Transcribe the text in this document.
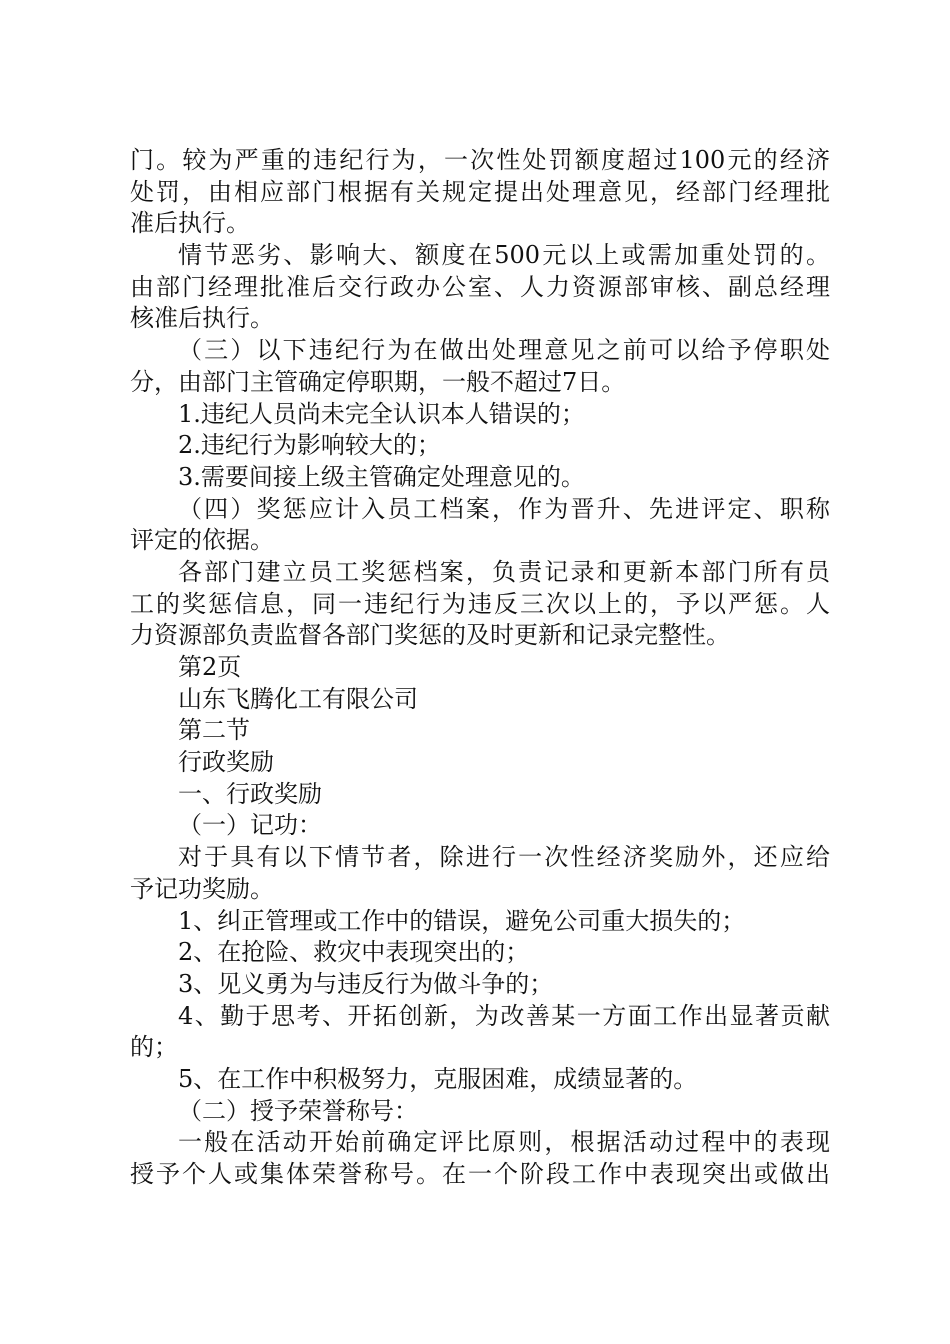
门。较为严重的违纪行为，一次性处罚额度超过100元的经济
处罚，由相应部门根据有关规定提出处理意见，经部门经理批
准后执行。
情节恶劣、影响大、额度在500元以上或需加重处罚的。
由部门经理批准后交行政办公室、人力资源部审核、副总经理
核准后执行。
（三）以下违纪行为在做出处理意见之前可以给予停职处
分，由部门主管确定停职期，一般不超过7日。
1.违纪人员尚未完全认识本人错误的；
2.违纪行为影响较大的；
3.需要间接上级主管确定处理意见的。
（四）奖惩应计入员工档案，作为晋升、先进评定、职称
评定的依据。
各部门建立员工奖惩档案，负责记录和更新本部门所有员
工的奖惩信息，同一违纪行为违反三次以上的，予以严惩。人
力资源部负责监督各部门奖惩的及时更新和记录完整性。
第2页
山东飞腾化工有限公司
第二节
行政奖励
一、行政奖励
（一）记功：
对于具有以下情节者，除进行一次性经济奖励外，还应给
予记功奖励。
1、纠正管理或工作中的错误，避免公司重大损失的；
2、在抢险、救灾中表现突出的；
3、见义勇为与违反行为做斗争的；
4、勤于思考、开拓创新，为改善某一方面工作出显著贡献
的；
5、在工作中积极努力，克服困难，成绩显著的。
（二）授予荣誉称号：
一般在活动开始前确定评比原则，根据活动过程中的表现
授予个人或集体荣誉称号。在一个阶段工作中表现突出或做出
